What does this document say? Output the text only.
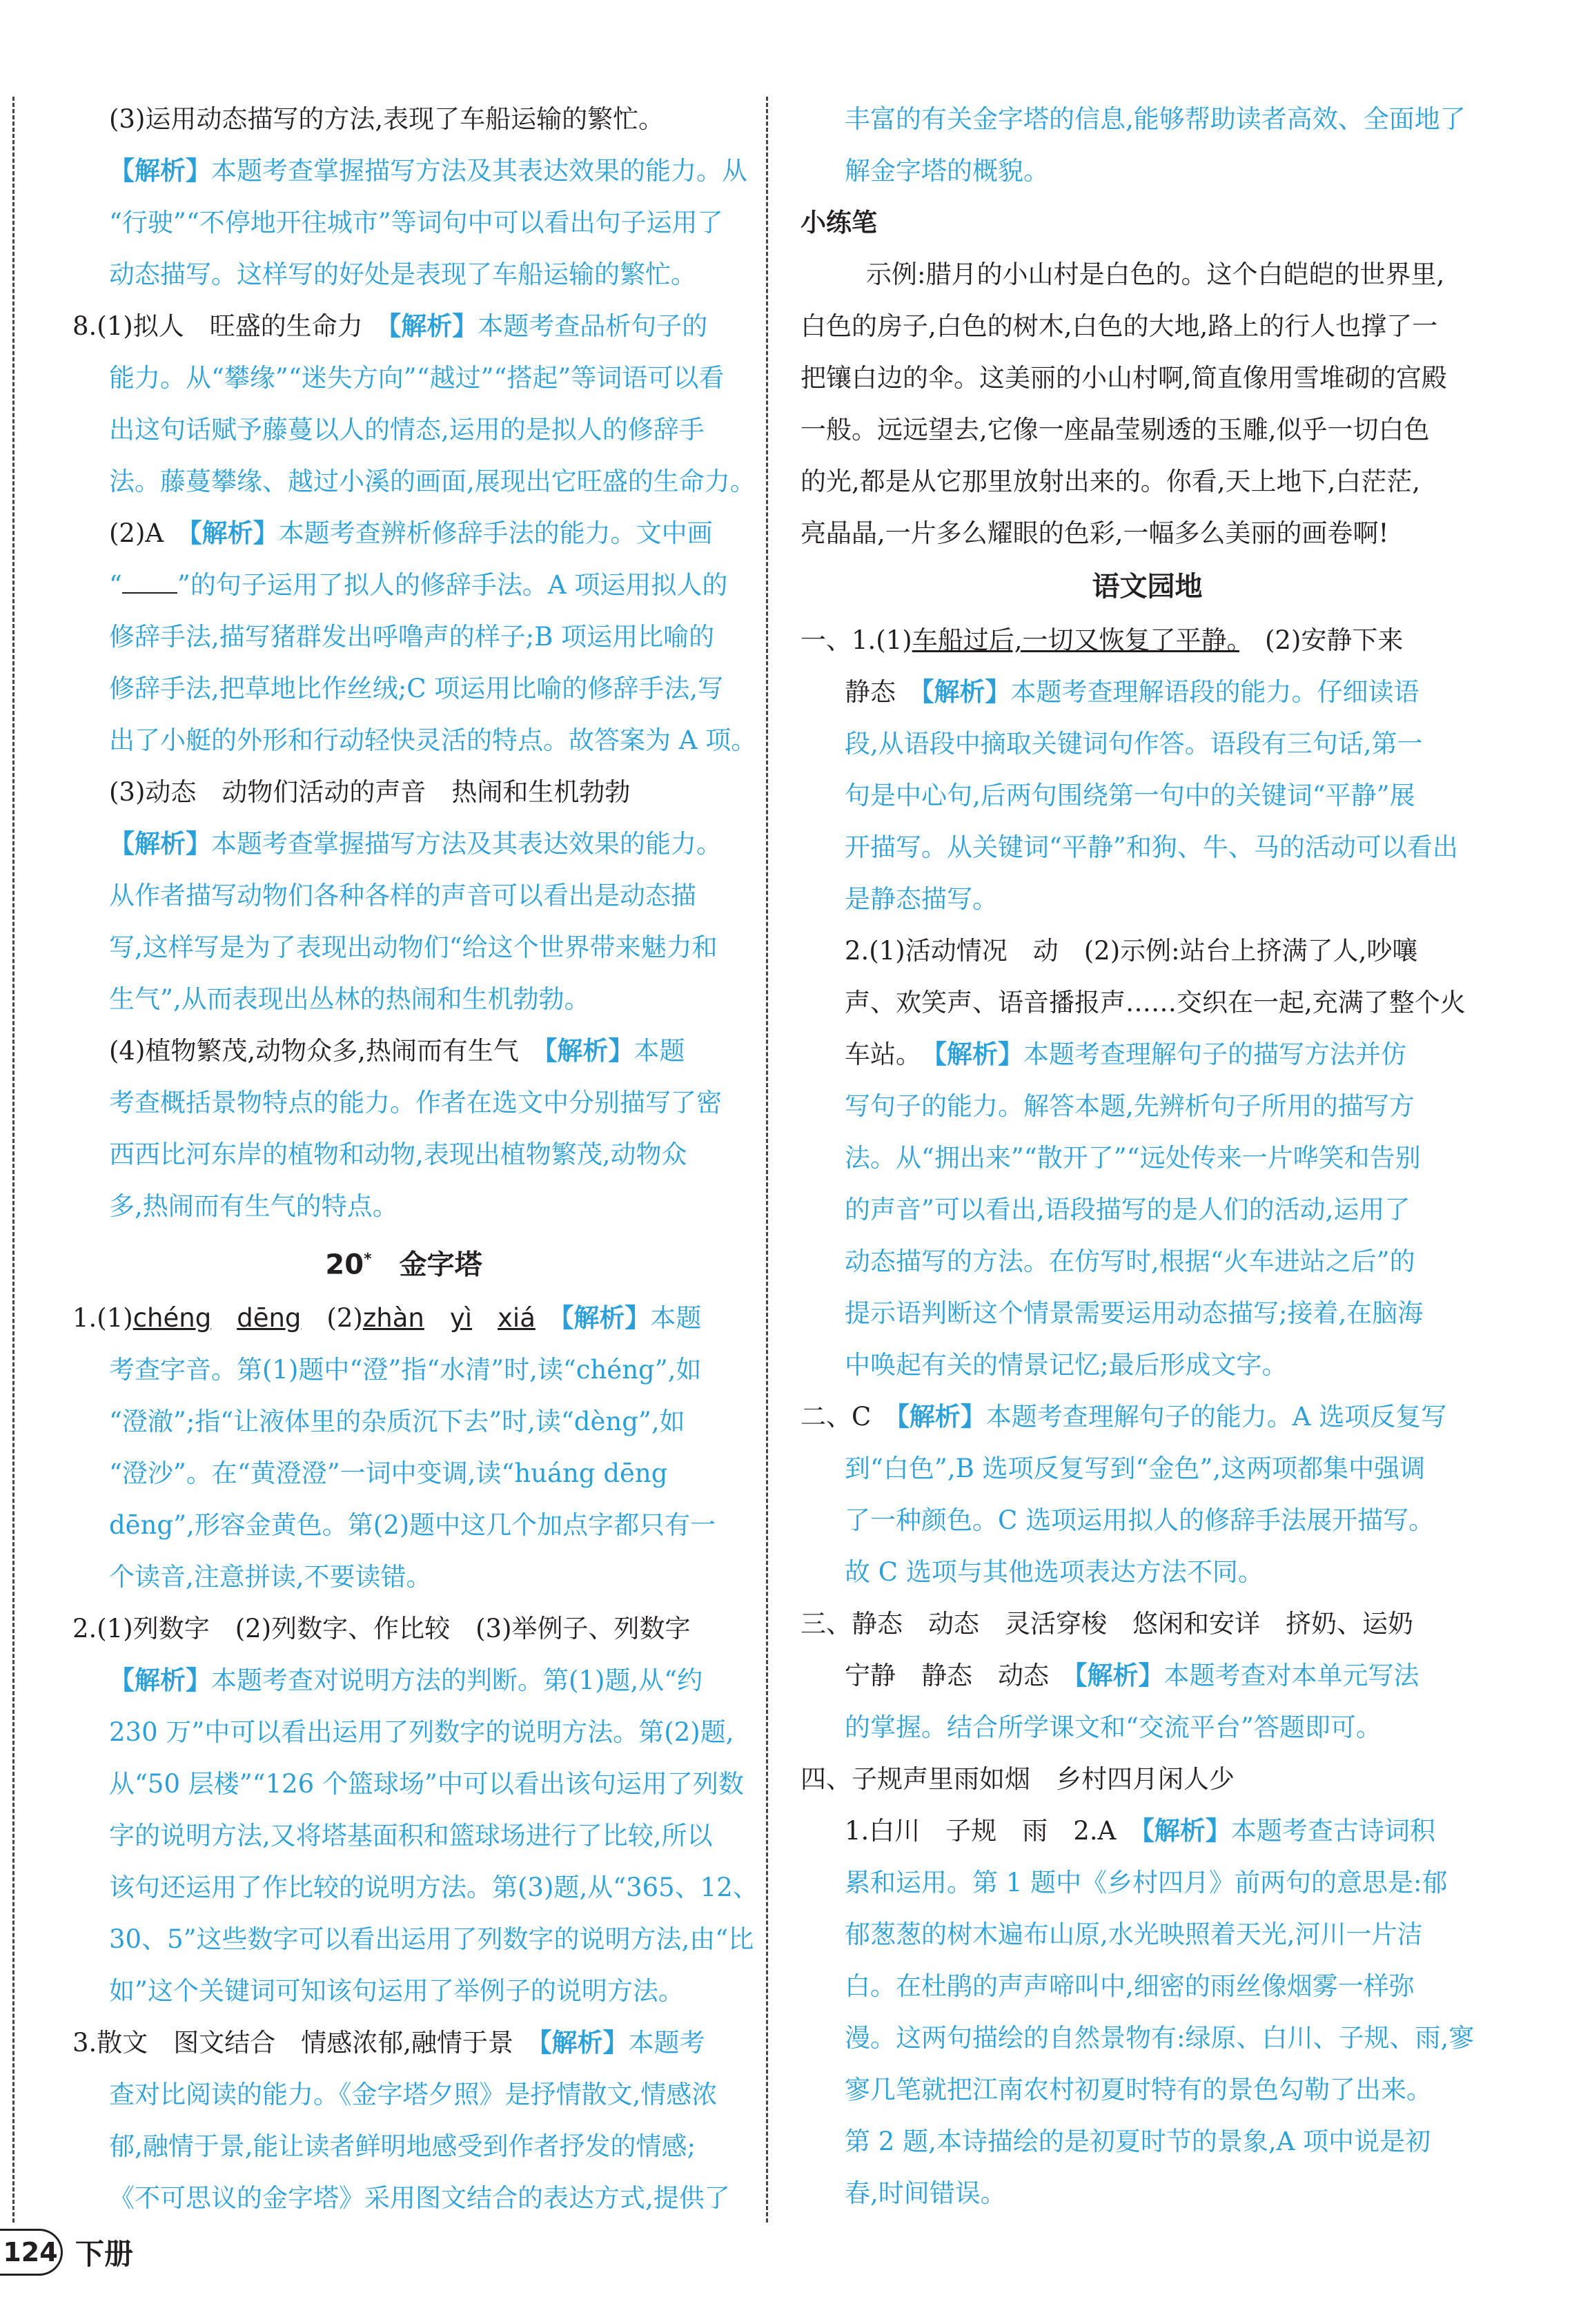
(3)运用动态描写的方法,表现了车船运输的繁忙。
【解析】本题考查掌握描写方法及其表达效果的能力。从
“行驶”“不停地开往城市”等词句中可以看出句子运用了
动态描写。这样写的好处是表现了车船运输的繁忙。
8.(1)拟人　旺盛的生命力　 【解析】本题考查品析句子的
能力。从“攀缘”“迷失方向”“越过”“搭起”等词语可以看
出这句话赋予藤蔓以人的情态,运用的是拟人的修辞手
法。藤蔓攀缘、越过小溪的画面,展现出它旺盛的生命力。
(2)A　 【解析】本题考查辨析修辞手法的能力。文中画
“ ”的句子运用了拟人的修辞手法。A 项运用拟人的
修辞手法,描写猪群发出呼噜声的样子;B 项运用比喻的
修辞手法,把草地比作丝绒;C 项运用比喻的修辞手法,写
出了小艇的外形和行动轻快灵活的特点。故答案为 A 项。
(3)动态　动物们活动的声音　热闹和生机勃勃
【解析】本题考查掌握描写方法及其表达效果的能力。
从作者描写动物们各种各样的声音可以看出是动态描
写,这样写是为了表现出动物们“给这个世界带来魅力和
生气”,从而表现出丛林的热闹和生机勃勃。
(4)植物繁茂,动物众多,热闹而有生气　 【解析】本题
考查概括景物特点的能力。作者在选文中分别描写了密
西西比河东岸的植物和动物,表现出植物繁茂,动物众
多,热闹而有生气的特点。
20*　 金字塔
1.(1)chéng　 dēng　 (2)zhàn　 yì　 xiá　 【解析】本题
考查字音。第(1)题中“澄”指“水清”时,读“chéng”,如
“澄澈”;指“让液体里的杂质沉下去”时,读“dèng”,如
“澄沙”。在“黄澄澄”一词中变调,读“huáng dēng
dēng”,形容金黄色。第(2)题中这几个加点字都只有一
个读音,注意拼读,不要读错。
2.(1)列数字　(2)列数字、作比较　(3)举例子、列数字
【解析】本题考查对说明方法的判断。第(1)题,从“约
230 万”中可以看出运用了列数字的说明方法。第(2)题,
从“50 层楼”“126 个篮球场”中可以看出该句运用了列数
字的说明方法,又将塔基面积和篮球场进行了比较,所以
该句还运用了作比较的说明方法。第(3)题,从“365、12、
30、5”这些数字可以看出运用了列数字的说明方法,由“比
如”这个关键词可知该句运用了举例子的说明方法。
3.散文　图文结合　情感浓郁,融情于景　 【解析】本题考
查对比阅读的能力。《金字塔夕照》是抒情散文,情感浓
郁,融情于景,能让读者鲜明地感受到作者抒发的情感;
《不可思议的金字塔》采用图文结合的表达方式,提供了
丰富的有关金字塔的信息,能够帮助读者高效、全面地了
解金字塔的概貌。
小练笔
示例:腊月的小山村是白色的。这个白皑皑的世界里,
白色的房子,白色的树木,白色的大地,路上的行人也撑了一
把镶白边的伞。这美丽的小山村啊,简直像用雪堆砌的宫殿
一般。远远望去,它像一座晶莹剔透的玉雕,似乎一切白色
的光,都是从它那里放射出来的。你看,天上地下,白茫茫,
亮晶晶,一片多么耀眼的色彩,一幅多么美丽的画卷啊!
语文园地
一、1.(1)车船过后,一切又恢复了平静。　(2)安静下来
静态　 【解析】本题考查理解语段的能力。仔细读语
段,从语段中摘取关键词句作答。语段有三句话,第一
句是中心句,后两句围绕第一句中的关键词“平静”展
开描写。从关键词“平静”和狗、牛、马的活动可以看出
是静态描写。
2.(1)活动情况　动　(2)示例:站台上挤满了人,吵嚷
声、欢笑声、语音播报声……交织在一起,充满了整个火
车站。　 【解析】本题考查理解句子的描写方法并仿
写句子的能力。解答本题,先辨析句子所用的描写方
法。从“拥出来”“散开了”“远处传来一片哗笑和告别
的声音”可以看出,语段描写的是人们的活动,运用了
动态描写的方法。在仿写时,根据“火车进站之后”的
提示语判断这个情景需要运用动态描写;接着,在脑海
中唤起有关的情景记忆;最后形成文字。
二、C　 【解析】本题考查理解句子的能力。A 选项反复写
到“白色”,B 选项反复写到“金色”,这两项都集中强调
了一种颜色。C 选项运用拟人的修辞手法展开描写。
故 C 选项与其他选项表达方法不同。
三、静态　动态　灵活穿梭　悠闲和安详　挤奶、运奶
宁静　静态　动态　 【解析】本题考查对本单元写法
的掌握。结合所学课文和“交流平台”答题即可。
四、子规声里雨如烟　乡村四月闲人少
1.白川　子规　雨　2.A　 【解析】本题考查古诗词积
累和运用。第 1 题中《乡村四月》前两句的意思是:郁
郁葱葱的树木遍布山原,水光映照着天光,河川一片洁
白。在杜鹃的声声啼叫中,细密的雨丝像烟雾一样弥
漫。这两句描绘的自然景物有:绿原、白川、子规、雨,寥
寥几笔就把江南农村初夏时特有的景色勾勒了出来。
第 2 题,本诗描绘的是初夏时节的景象,A 项中说是初
春,时间错误。
124 下册
